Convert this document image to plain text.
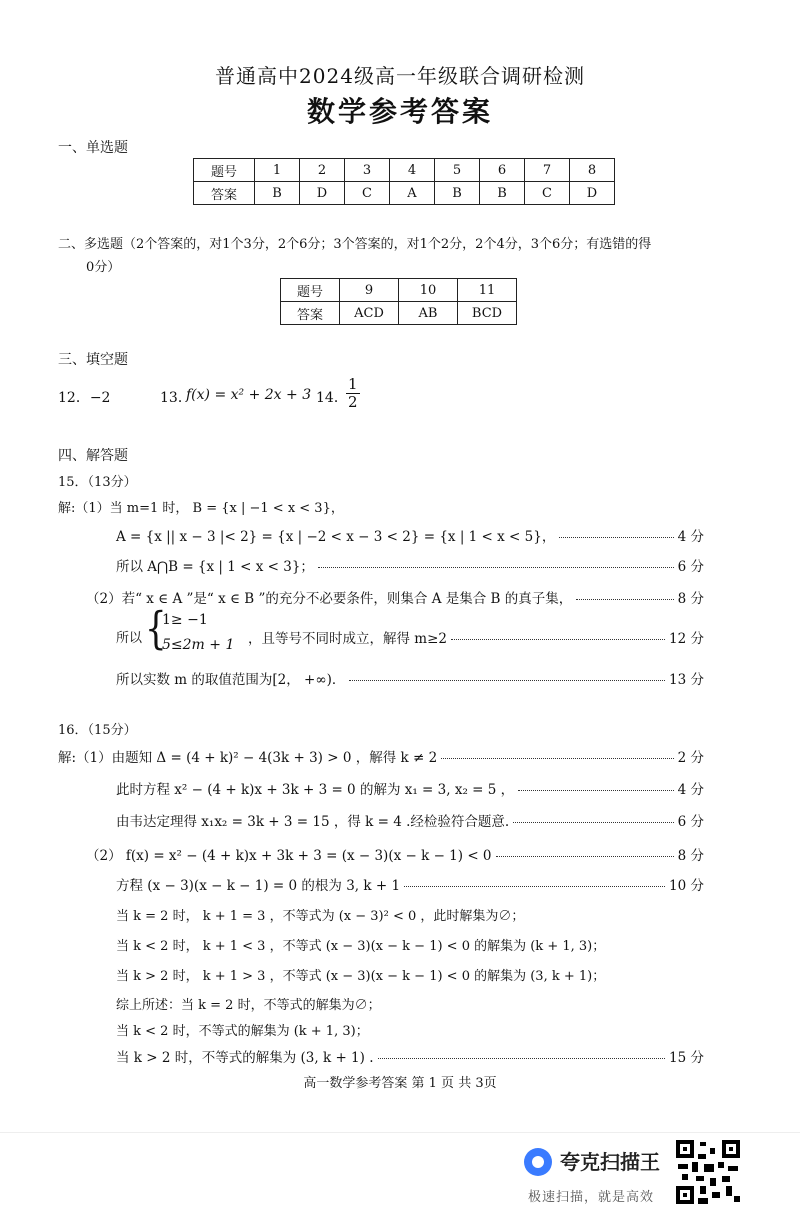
普通高中2024级高一年级联合调研检测
数学参考答案
一、单选题
题号	1	2	3	4	5	6	7	8
答案	B	D	C	A	B	B	C	D
二、多选题（2个答案的，对1个3分，2个6分；3个答案的，对1个2分，2个4分，3个6分；有选错的得
0分）
题号	9	10	11
答案	ACD	AB	BCD
三、填空题
12．−2	13．
f(x) = x² + 2x + 3 14．
$\frac{1}{2}$
四、解答题
15．（13分）
解:（1）当 m=1 时， B = {x | −1 < x < 3}，
A = {x || x − 3 |< 2} = {x | −2 < x − 3 < 2} = {x | 1 < x < 5}，	4 分
所以 A⋂B = {x | 1 < x < 3}；	6 分
（2）若“ x ∈ A ”是“ x ∈ B ”的充分不必要条件，则集合 A 是集合 B 的真子集，	8 分
所以 {
1≥ −1
5≤2m + 1 ，且等号不同时成立，解得 m≥2	12 分
所以实数 m 的取值范围为[2， +∞)．	13 分
16．（15分）
解:（1）由题知 Δ = (4 + k)² − 4(3k + 3) > 0 ，解得 k ≠ 2	2 分
此时方程 x² − (4 + k)x + 3k + 3 = 0 的解为 x₁ = 3, x₂ = 5 ，	4 分
由韦达定理得 x₁x₂ = 3k + 3 = 15 ，得 k = 4 .经检验符合题意.	6 分
（2） f(x) = x² − (4 + k)x + 3k + 3 = (x − 3)(x − k − 1) < 0	8 分
方程 (x − 3)(x − k − 1) = 0 的根为 3, k + 1	10 分
当 k = 2 时， k + 1 = 3 ，不等式为 (x − 3)² < 0 ，此时解集为∅；
当 k < 2 时， k + 1 < 3 ，不等式 (x − 3)(x − k − 1) < 0 的解集为 (k + 1, 3)；
当 k > 2 时， k + 1 > 3 ，不等式 (x − 3)(x − k − 1) < 0 的解集为 (3, k + 1)；
综上所述：当 k = 2 时，不等式的解集为∅；
当 k < 2 时，不等式的解集为 (k + 1, 3)；
当 k > 2 时，不等式的解集为 (3, k + 1) .	15 分
高一数学参考答案 第 1 页 共 3页
夸克扫描王
极速扫描，就是高效
